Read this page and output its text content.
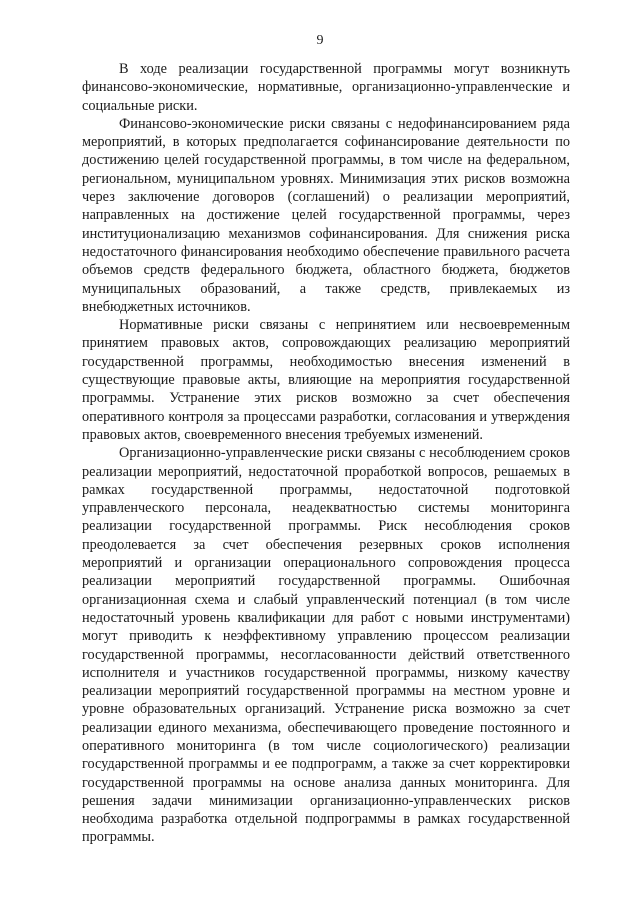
9

В ходе реализации государственной программы могут возникнуть финансово-экономические, нормативные, организационно-управленческие и социальные риски.

Финансово-экономические риски связаны с недофинансированием ряда мероприятий, в которых предполагается софинансирование деятельности по достижению целей государственной программы, в том числе на федеральном, региональном, муниципальном уровнях. Минимизация этих рисков возможна через заключение договоров (соглашений) о реализации мероприятий, направленных на достижение целей государственной программы, через институционализацию механизмов софинансирования. Для снижения риска недостаточного финансирования необходимо обеспечение правильного расчета объемов средств федерального бюджета, областного бюджета, бюджетов муниципальных образований, а также средств, привлекаемых из внебюджетных источников.

Нормативные риски связаны с непринятием или несвоевременным принятием правовых актов, сопровождающих реализацию мероприятий государственной программы, необходимостью внесения изменений в существующие правовые акты, влияющие на мероприятия государственной программы. Устранение этих рисков возможно за счет обеспечения оперативного контроля за процессами разработки, согласования и утверждения правовых актов, своевременного внесения требуемых изменений.

Организационно-управленческие риски связаны с несоблюдением сроков реализации мероприятий, недостаточной проработкой вопросов, решаемых в рамках государственной программы, недостаточной подготовкой управленческого персонала, неадекватностью системы мониторинга реализации государственной программы. Риск несоблюдения сроков преодолевается за счет обеспечения резервных сроков исполнения мероприятий и организации операционального сопровождения процесса реализации мероприятий государственной программы. Ошибочная организационная схема и слабый управленческий потенциал (в том числе недостаточный уровень квалификации для работ с новыми инструментами) могут приводить к неэффективному управлению процессом реализации государственной программы, несогласованности действий ответственного исполнителя и участников государственной программы, низкому качеству реализации мероприятий государственной программы на местном уровне и уровне образовательных организаций. Устранение риска возможно за счет реализации единого механизма, обеспечивающего проведение постоянного и оперативного мониторинга (в том числе социологического) реализации государственной программы и ее подпрограмм, а также за счет корректировки государственной программы на основе анализа данных мониторинга. Для решения задачи минимизации организационно-управленческих рисков необходима разработка отдельной подпрограммы в рамках государственной программы.
